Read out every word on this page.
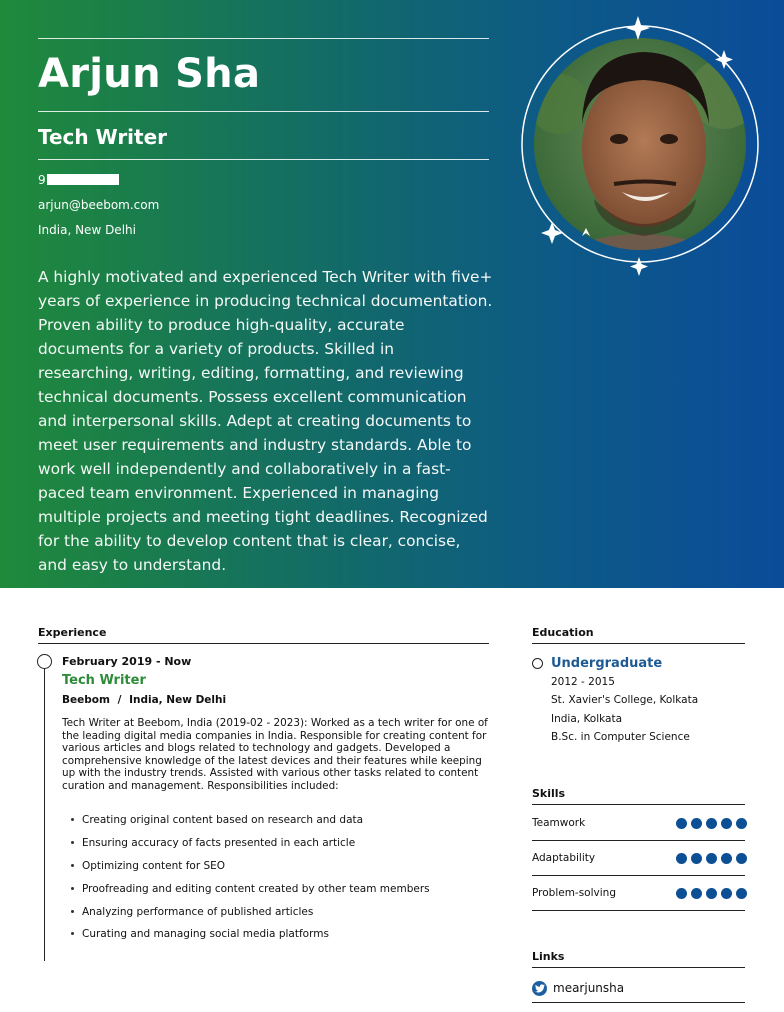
Arjun Sha
Tech Writer
9
arjun@beebom.com
India, New Delhi
A highly motivated and experienced Tech Writer with five+ years of experience in producing technical documentation. Proven ability to produce high-quality, accurate documents for a variety of products. Skilled in researching, writing, editing, formatting, and reviewing technical documents. Possess excellent communication and interpersonal skills. Adept at creating documents to meet user requirements and industry standards. Able to work well independently and collaboratively in a fast-paced team environment. Experienced in managing multiple projects and meeting tight deadlines. Recognized for the ability to develop content that is clear, concise, and easy to understand.
Experience
February 2019 - Now
Tech Writer
Beebom / India, New Delhi
Tech Writer at Beebom, India (2019-02 - 2023): Worked as a tech writer for one of the leading digital media companies in India. Responsible for creating content for various articles and blogs related to technology and gadgets. Developed a comprehensive knowledge of the latest devices and their features while keeping up with the industry trends. Assisted with various other tasks related to content curation and management. Responsibilities included:
Creating original content based on research and data
Ensuring accuracy of facts presented in each article
Optimizing content for SEO
Proofreading and editing content created by other team members
Analyzing performance of published articles
Curating and managing social media platforms
Education
Undergraduate
2012 - 2015
St. Xavier's College, Kolkata
India, Kolkata
B.Sc. in Computer Science
Skills
Teamwork
Adaptability
Problem-solving
Links
mearjunsha
